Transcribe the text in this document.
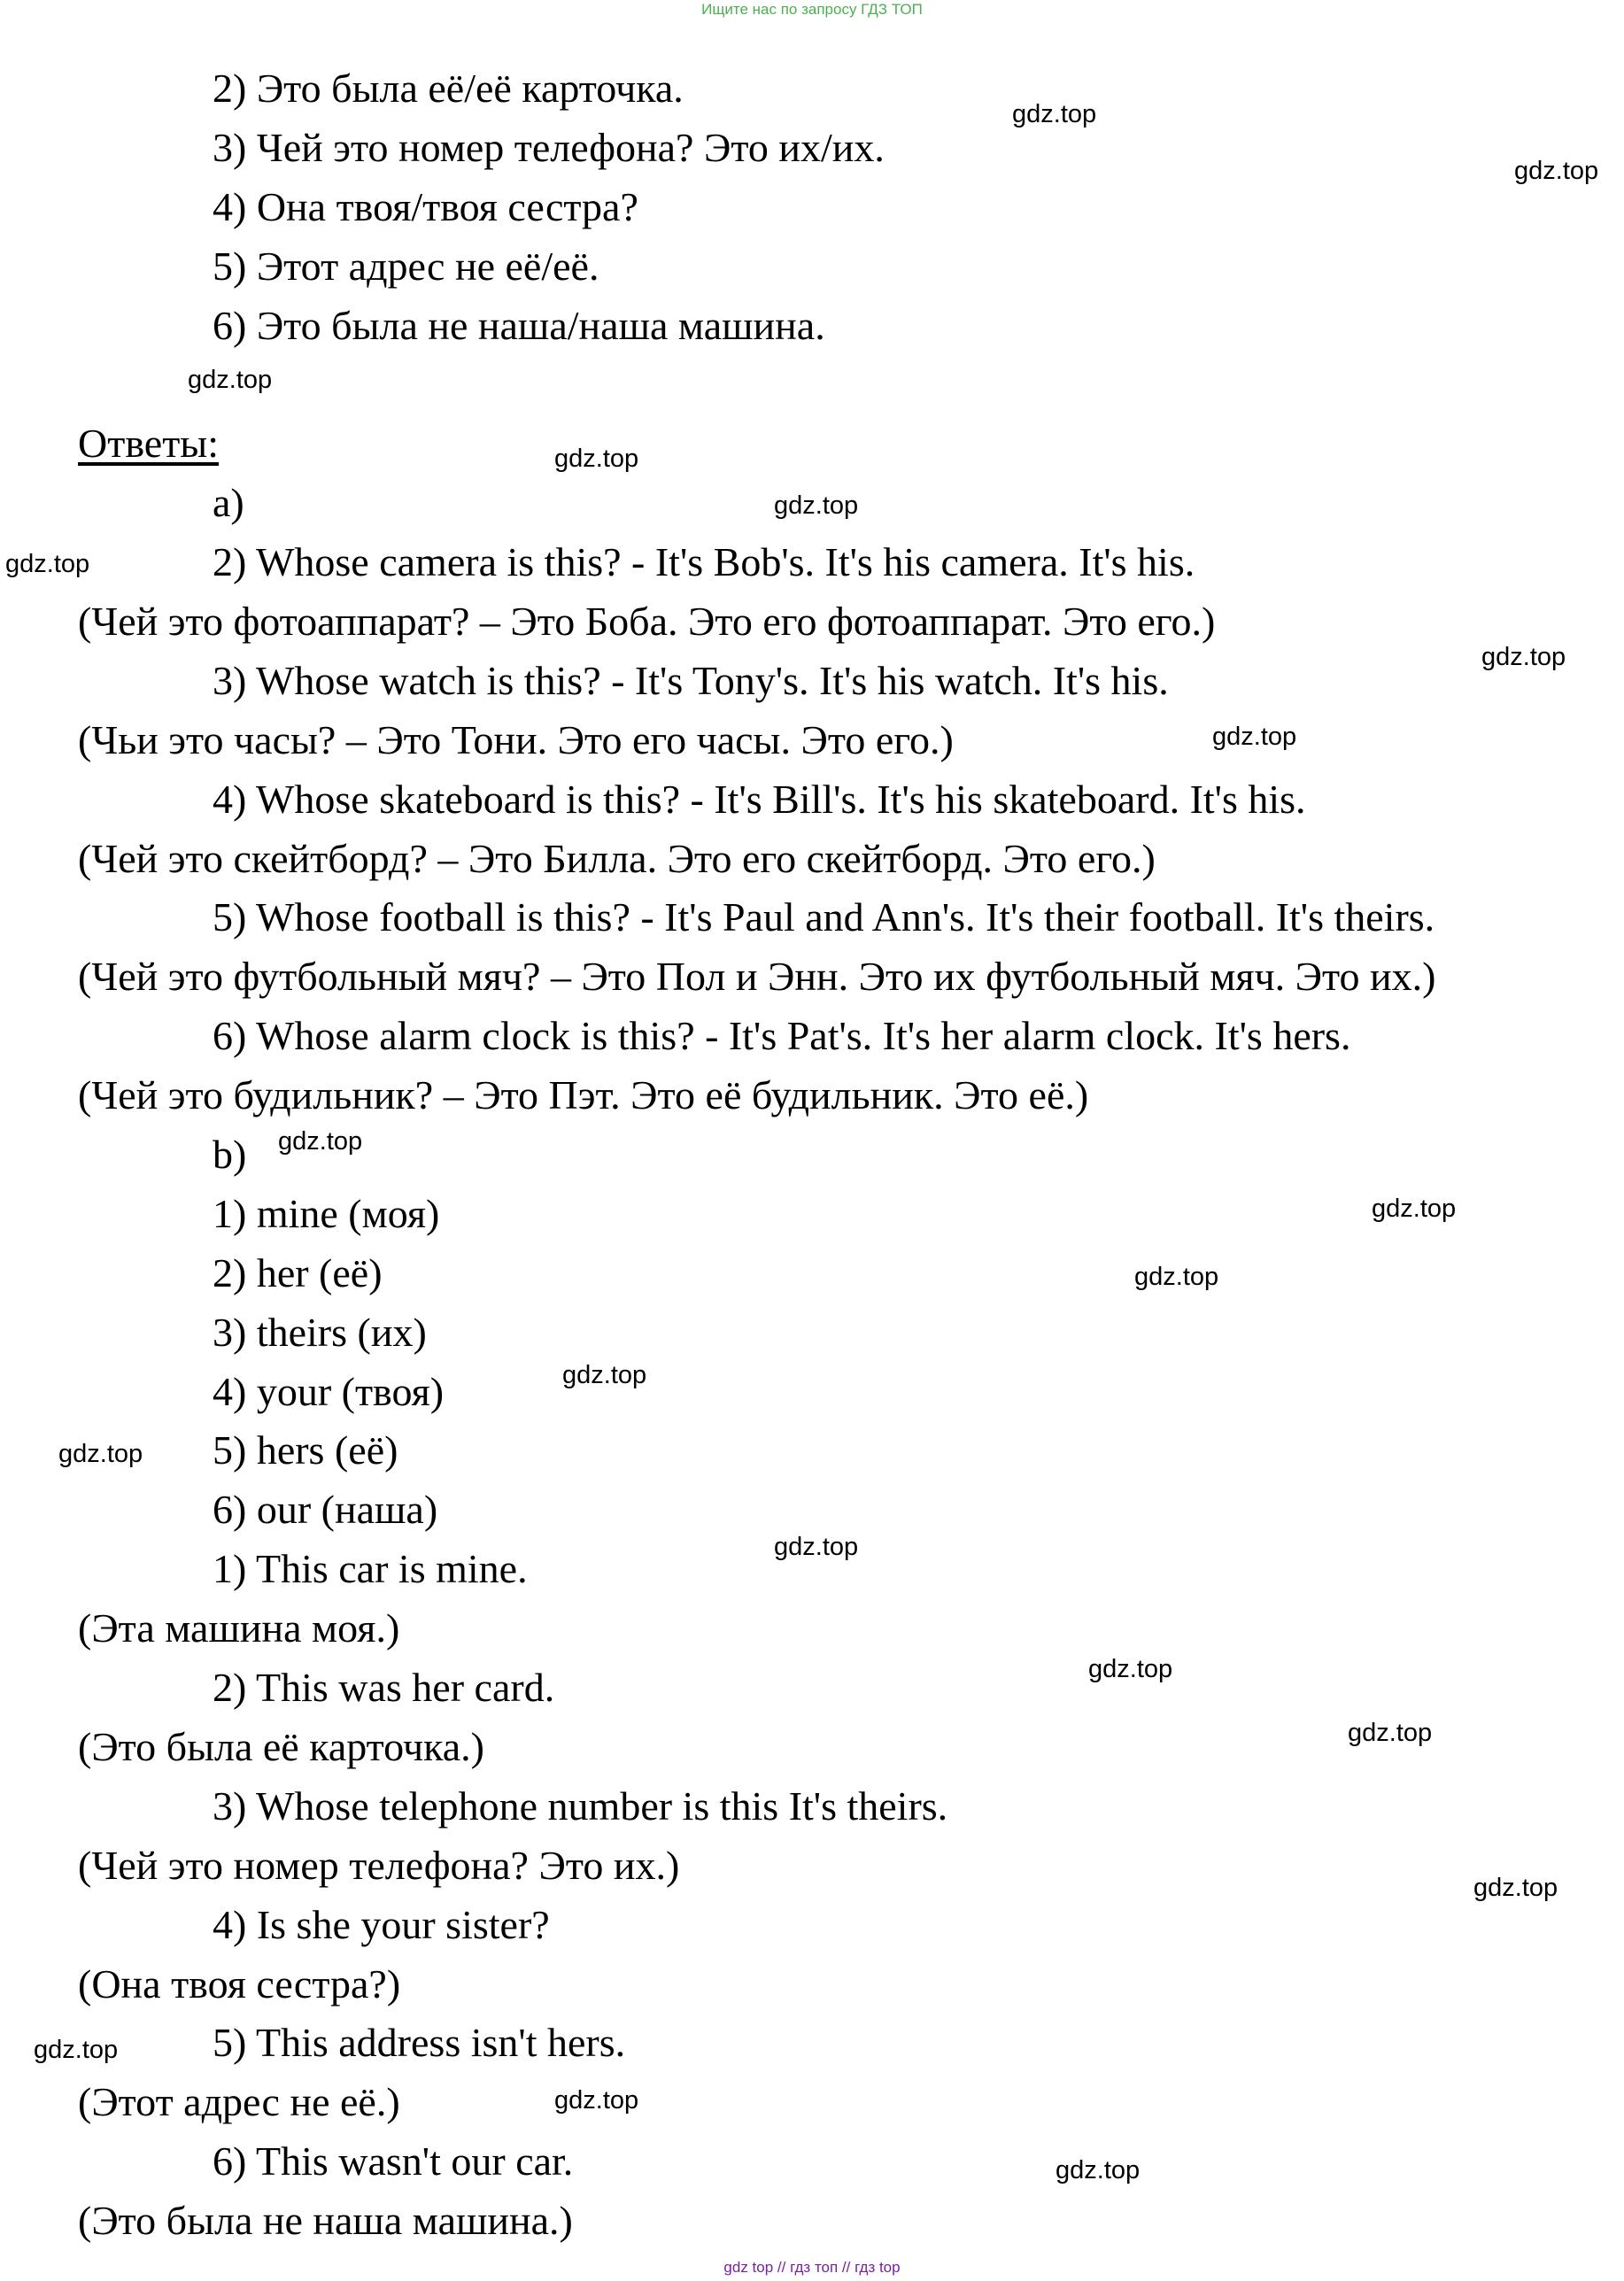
Ищите нас по запросу ГДЗ ТОП
2) Это была её/её карточка.
3) Чей это номер телефона? Это их/их.
4) Она твоя/твоя сестра?
5) Этот адрес не её/её.
6) Это была не наша/наша машина.
Ответы:
a)
2) Whose camera is this? - It's Bob's. It's his camera. It's his.
(Чей это фотоаппарат? – Это Боба. Это его фотоаппарат. Это его.)
3) Whose watch is this? - It's Tony's. It's his watch. It's his.
(Чьи это часы? – Это Тони. Это его часы. Это его.)
4) Whose skateboard is this? - It's Bill's. It's his skateboard. It's his.
(Чей это скейтборд? – Это Билла. Это его скейтборд. Это его.)
5) Whose football is this? - It's Paul and Ann's. It's their football. It's theirs.
(Чей это футбольный мяч? – Это Пол и Энн. Это их футбольный мяч. Это их.)
6) Whose alarm clock is this? - It's Pat's. It's her alarm clock. It's hers.
(Чей это будильник? – Это Пэт. Это её будильник. Это её.)
b)
1) mine (моя)
2) her (её)
3) theirs (их)
4) your (твоя)
5) hers (её)
6) our (наша)
1) This car is mine.
(Эта машина моя.)
2) This was her card.
(Это была её карточка.)
3) Whose telephone number is this It's theirs.
(Чей это номер телефона? Это их.)
4) Is she your sister?
(Она твоя сестра?)
5) This address isn't hers.
(Этот адрес не её.)
6) This wasn't our car.
(Это была не наша машина.)
gdz.top
gdz.top
gdz.top
gdz.top
gdz.top
gdz.top
gdz.top
gdz.top
gdz.top
gdz.top
gdz.top
gdz.top
gdz.top
gdz.top
gdz.top
gdz.top
gdz.top
gdz.top
gdz.top
gdz.top
gdz top // гдз топ // гдз top
